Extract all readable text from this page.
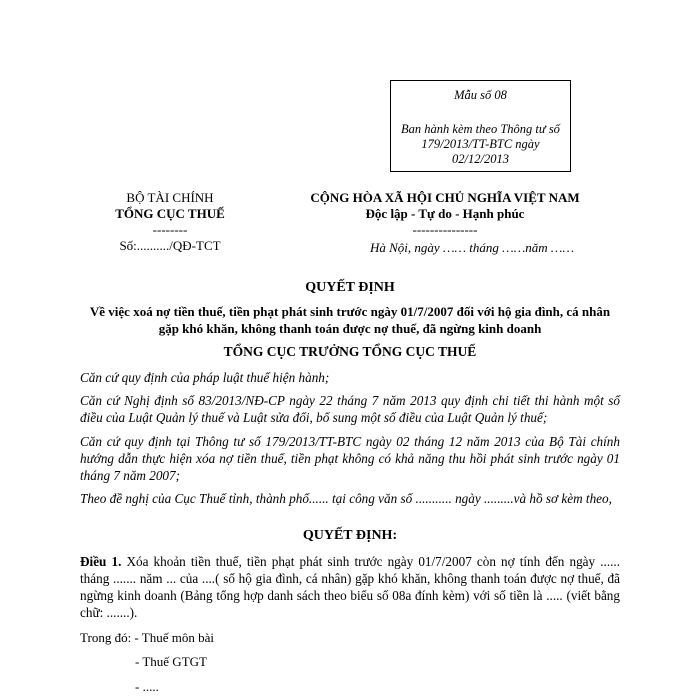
Mẫu số 08
Ban hành kèm theo Thông tư số 179/2013/TT-BTC ngày 02/12/2013
BỘ TÀI CHÍNH
TỔNG CỤC THUẾ
--------
Số:........../QĐ-TCT
CỘNG HÒA XÃ HỘI CHỦ NGHĨA VIỆT NAM
Độc lập - Tự do - Hạnh phúc
---------------
Hà Nội, ngày …… tháng ……năm ……
QUYẾT ĐỊNH
Về việc xoá nợ tiền thuế, tiền phạt phát sinh trước ngày 01/7/2007 đối với hộ gia đình, cá nhân gặp khó khăn, không thanh toán được nợ thuế, đã ngừng kinh doanh
TỔNG CỤC TRƯỞNG TỔNG CỤC THUẾ
Căn cứ quy định của pháp luật thuế hiện hành;
Căn cứ Nghị định số 83/2013/NĐ-CP ngày 22 tháng 7 năm 2013 quy định chi tiết thi hành một số điều của Luật Quản lý thuế và Luật sửa đổi, bổ sung một số điều của Luật Quản lý thuế;
Căn cứ quy định tại Thông tư số 179/2013/TT-BTC ngày 02 tháng 12 năm 2013 của Bộ Tài chính hướng dẫn thực hiện xóa nợ tiền thuế, tiền phạt không có khả năng thu hồi phát sinh trước ngày 01 tháng 7 năm 2007;
Theo đề nghị của Cục Thuế tỉnh, thành phố...... tại công văn số ........... ngày .........và hồ sơ kèm theo,
QUYẾT ĐỊNH:
Điều 1. Xóa khoản tiền thuế, tiền phạt phát sinh trước ngày 01/7/2007 còn nợ tính đến ngày ...... tháng ....... năm ... của ....( số hộ gia đình, cá nhân) gặp khó khăn, không thanh toán được nợ thuế, đã ngừng kinh doanh (Bảng tổng hợp danh sách theo biểu số 08a đính kèm) với số tiền là ..... (viết bằng chữ: .......).
Trong đó: - Thuế môn bài
- Thuế GTGT
- .....
